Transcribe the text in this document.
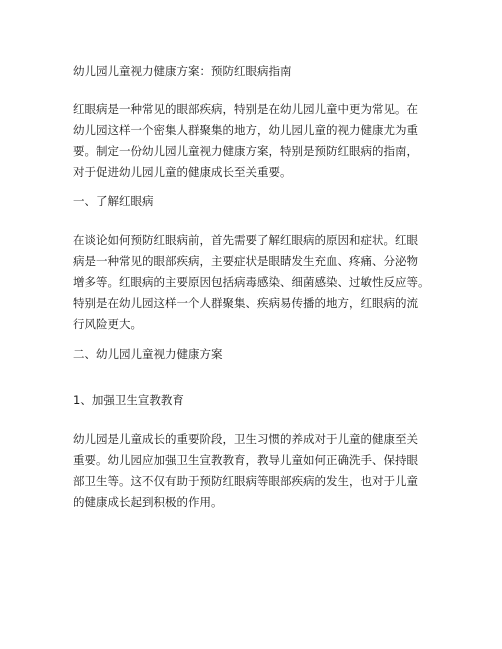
幼儿园儿童视力健康方案：预防红眼病指南
红眼病是一种常见的眼部疾病，特别是在幼儿园儿童中更为常见。在
幼儿园这样一个密集人群聚集的地方，幼儿园儿童的视力健康尤为重
要。制定一份幼儿园儿童视力健康方案，特别是预防红眼病的指南，
对于促进幼儿园儿童的健康成长至关重要。
一、了解红眼病
在谈论如何预防红眼病前，首先需要了解红眼病的原因和症状。红眼
病是一种常见的眼部疾病，主要症状是眼睛发生充血、疼痛、分泌物
增多等。红眼病的主要原因包括病毒感染、细菌感染、过敏性反应等。
特别是在幼儿园这样一个人群聚集、疾病易传播的地方，红眼病的流
行风险更大。
二、幼儿园儿童视力健康方案
1、加强卫生宣教教育
幼儿园是儿童成长的重要阶段，卫生习惯的养成对于儿童的健康至关
重要。幼儿园应加强卫生宣教教育，教导儿童如何正确洗手、保持眼
部卫生等。这不仅有助于预防红眼病等眼部疾病的发生，也对于儿童
的健康成长起到积极的作用。
